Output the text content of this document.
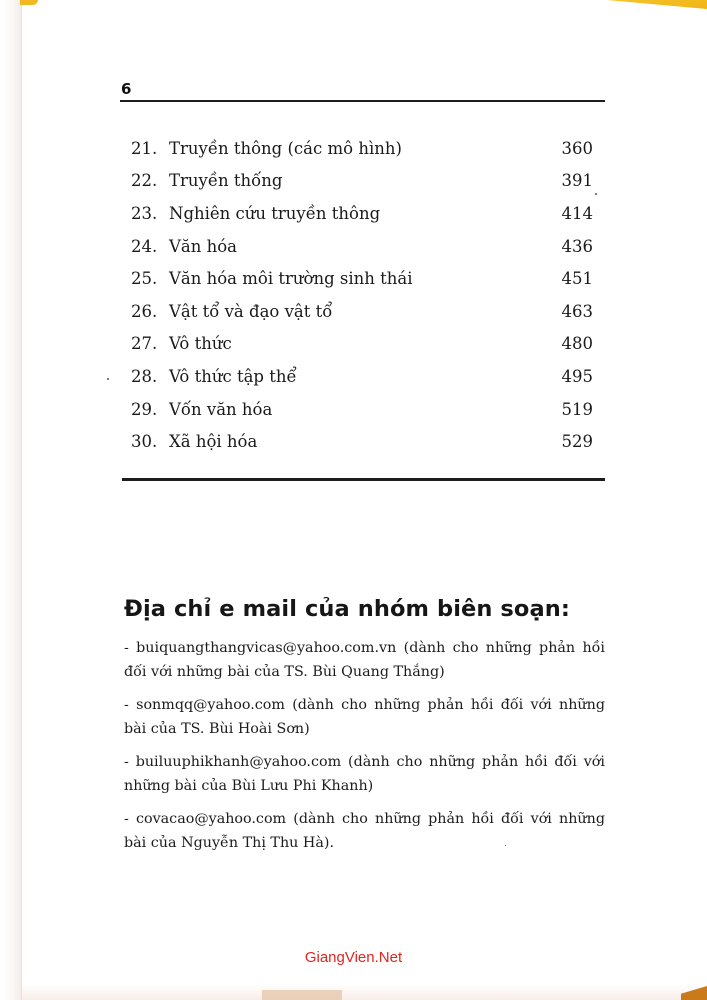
6
21. Truyền thông (các mô hình)	360
22. Truyền thống	391
23. Nghiên cứu truyền thông	414
24. Văn hóa	436
25. Văn hóa môi trường sinh thái	451
26. Vật tổ và đạo vật tổ	463
27. Vô thức	480
28. Vô thức tập thể	495
29. Vốn văn hóa	519
30. Xã hội hóa	529
Địa chỉ e mail của nhóm biên soạn:
- buiquangthangvicas@yahoo.com.vn (dành cho những phản hồi đối với những bài của TS. Bùi Quang Thắng)
- sonmqq@yahoo.com (dành cho những phản hồi đối với những bài của TS. Bùi Hoài Sơn)
- builuuphikhanh@yahoo.com (dành cho những phản hồi đối với những bài của Bùi Lưu Phi Khanh)
- covacao@yahoo.com (dành cho những phản hồi đối với những bài của Nguyễn Thị Thu Hà).
GiangVien.Net
